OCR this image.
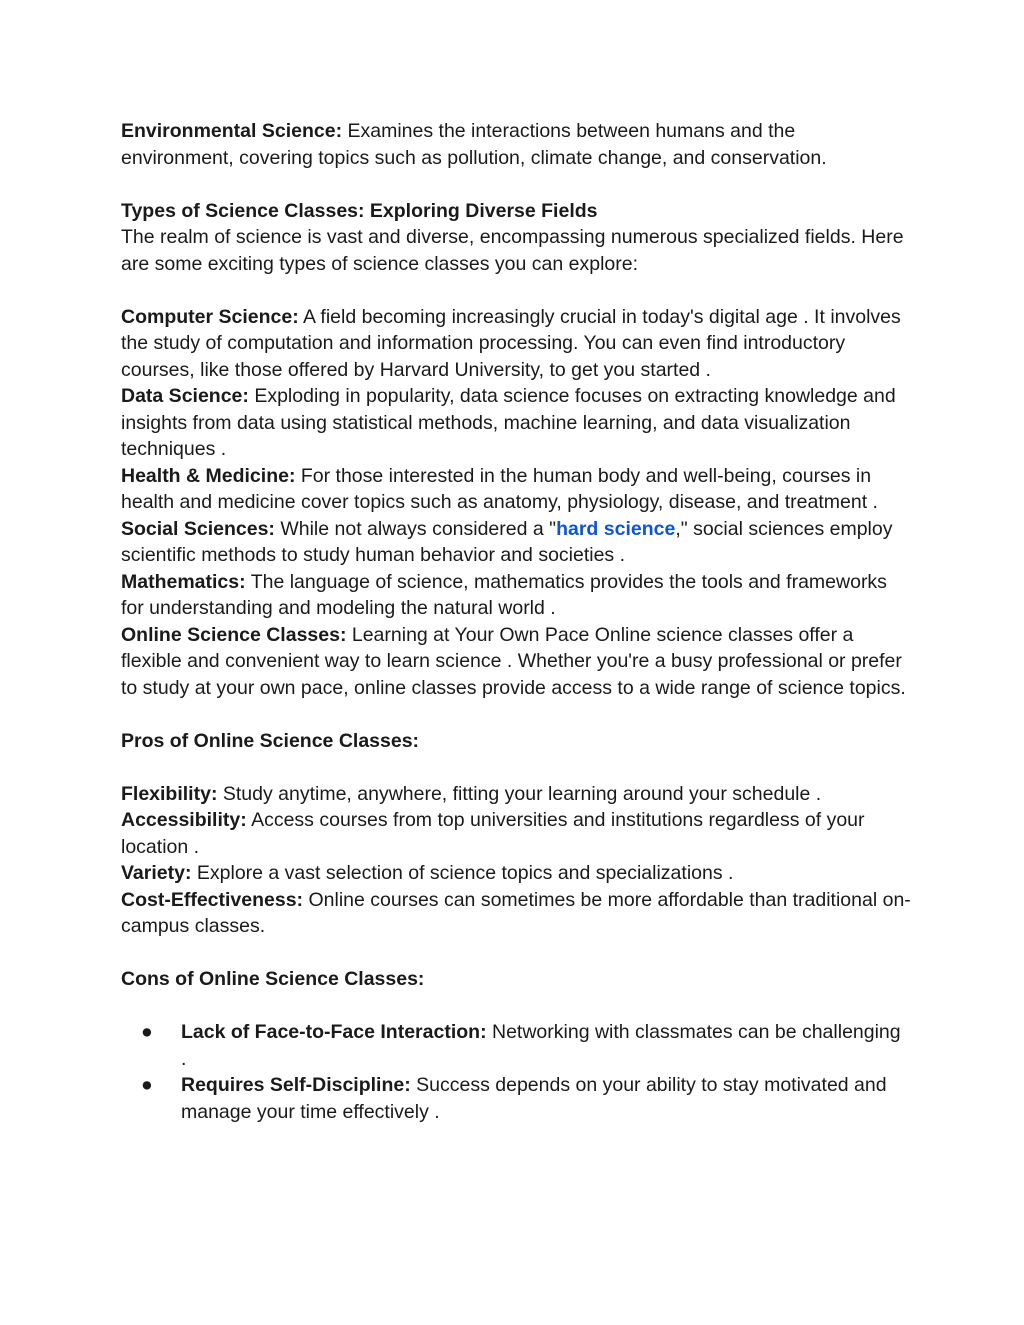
Environmental Science: Examines the interactions between humans and the environment, covering topics such as pollution, climate change, and conservation.

Types of Science Classes: Exploring Diverse Fields

The realm of science is vast and diverse, encompassing numerous specialized fields. Here are some exciting types of science classes you can explore:

Computer Science: A field becoming increasingly crucial in today's digital age . It involves the study of computation and information processing. You can even find introductory courses, like those offered by Harvard University, to get you started .

Data Science: Exploding in popularity, data science focuses on extracting knowledge and insights from data using statistical methods, machine learning, and data visualization techniques .

Health & Medicine: For those interested in the human body and well-being, courses in health and medicine cover topics such as anatomy, physiology, disease, and treatment .

Social Sciences: While not always considered a "hard science," social sciences employ scientific methods to study human behavior and societies .

Mathematics: The language of science, mathematics provides the tools and frameworks for understanding and modeling the natural world .

Online Science Classes: Learning at Your Own Pace Online science classes offer a flexible and convenient way to learn science . Whether you're a busy professional or prefer to study at your own pace, online classes provide access to a wide range of science topics.

Pros of Online Science Classes:

Flexibility: Study anytime, anywhere, fitting your learning around your schedule .

Accessibility: Access courses from top universities and institutions regardless of your location .

Variety: Explore a vast selection of science topics and specializations .

Cost-Effectiveness: Online courses can sometimes be more affordable than traditional on-campus classes.

Cons of Online Science Classes:

● Lack of Face-to-Face Interaction: Networking with classmates can be challenging .
● Requires Self-Discipline: Success depends on your ability to stay motivated and manage your time effectively .
